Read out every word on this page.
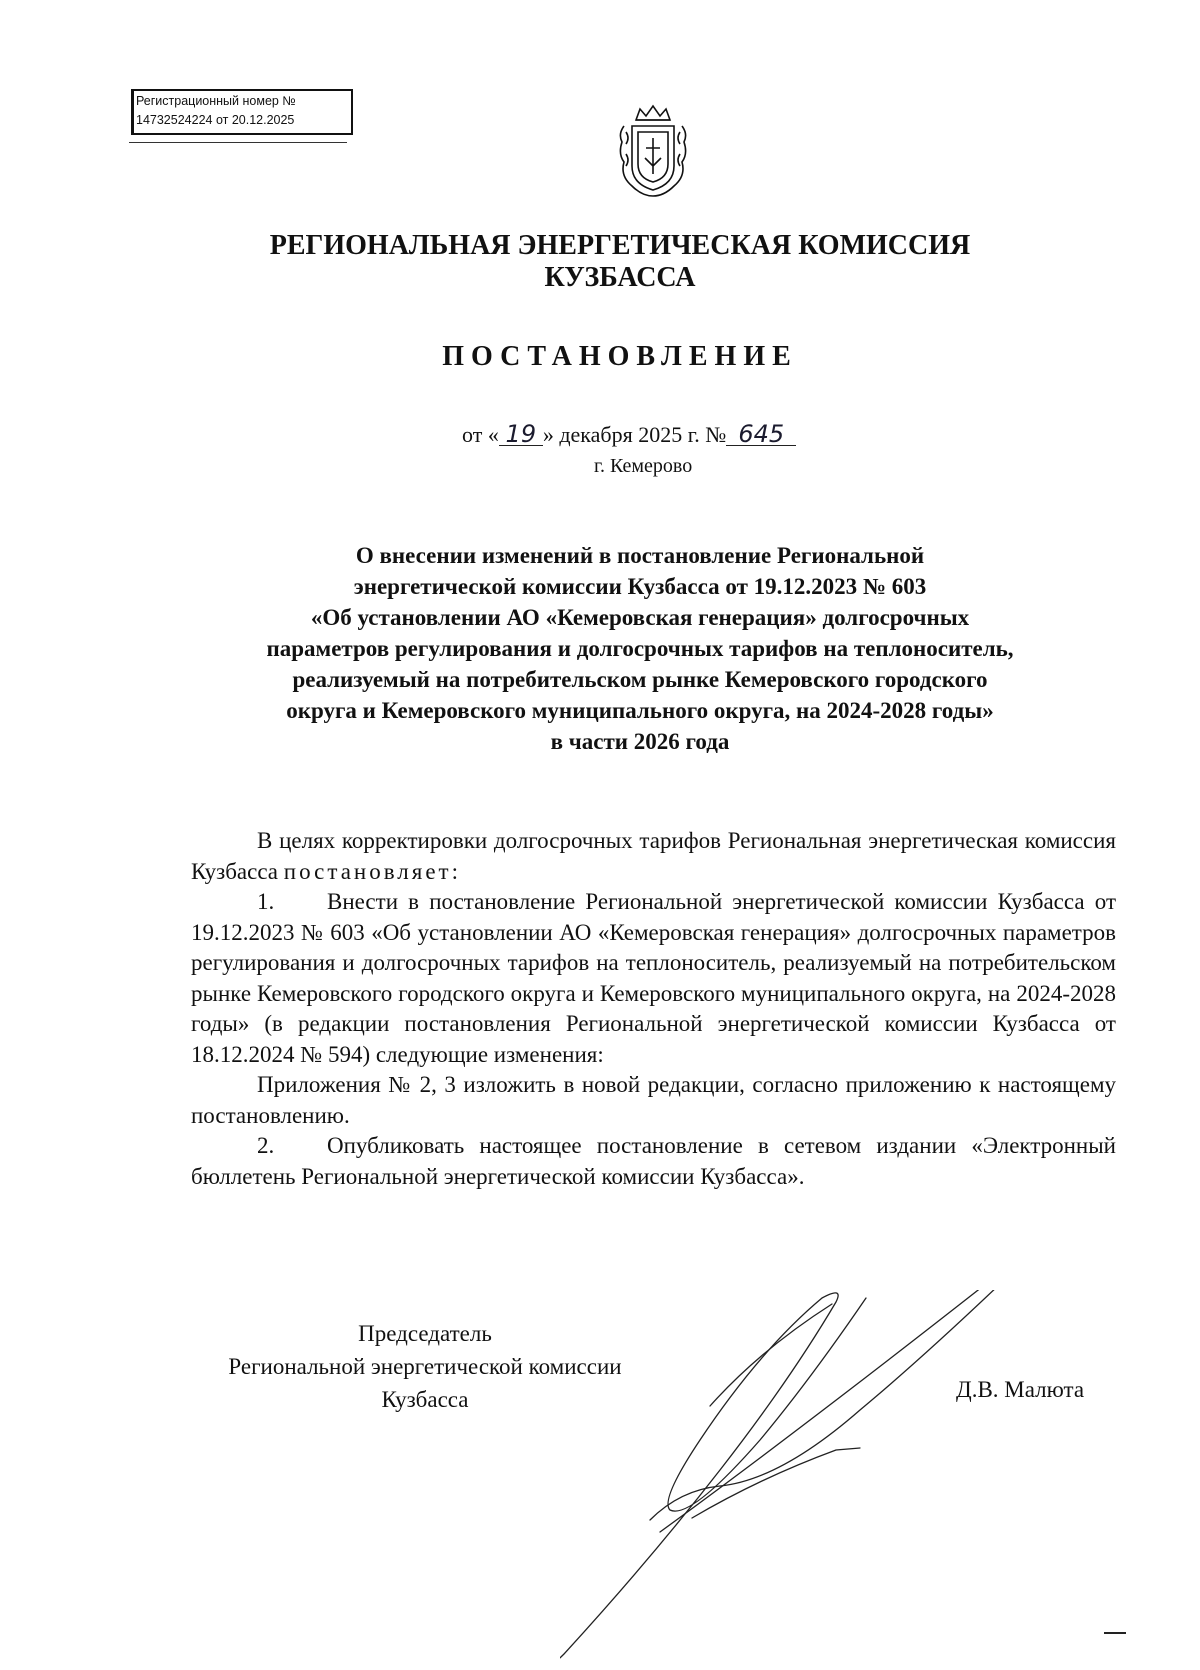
Регистрационный номер №
14732524224 от 20.12.2025
РЕГИОНАЛЬНАЯ ЭНЕРГЕТИЧЕСКАЯ КОМИССИЯ
КУЗБАССА
ПОСТАНОВЛЕНИЕ
от « 19 » декабря 2025 г. № 645
г. Кемерово
О внесении изменений в постановление Региональной
энергетической комиссии Кузбасса от 19.12.2023 № 603
«Об установлении АО «Кемеровская генерация» долгосрочных
параметров регулирования и долгосрочных тарифов на теплоноситель,
реализуемый на потребительском рынке Кемеровского городского
округа и Кемеровского муниципального округа, на 2024-2028 годы»
в части 2026 года

В целях корректировки долгосрочных тарифов Региональная энергетическая комиссия Кузбасса постановляет:

1. Внести в постановление Региональной энергетической комиссии Кузбасса от 19.12.2023 № 603 «Об установлении АО «Кемеровская генерация» долгосрочных параметров регулирования и долгосрочных тарифов на теплоноситель, реализуемый на потребительском рынке Кемеровского городского округа и Кемеровского муниципального округа, на 2024-2028 годы» (в редакции постановления Региональной энергетической комиссии Кузбасса от 18.12.2024 № 594) следующие изменения:

Приложения № 2, 3 изложить в новой редакции, согласно приложению к настоящему постановлению.

2. Опубликовать настоящее постановление в сетевом издании «Электронный бюллетень Региональной энергетической комиссии Кузбасса».

Председатель
Региональной энергетической комиссии
Кузбасса	Д.В. Малюта
